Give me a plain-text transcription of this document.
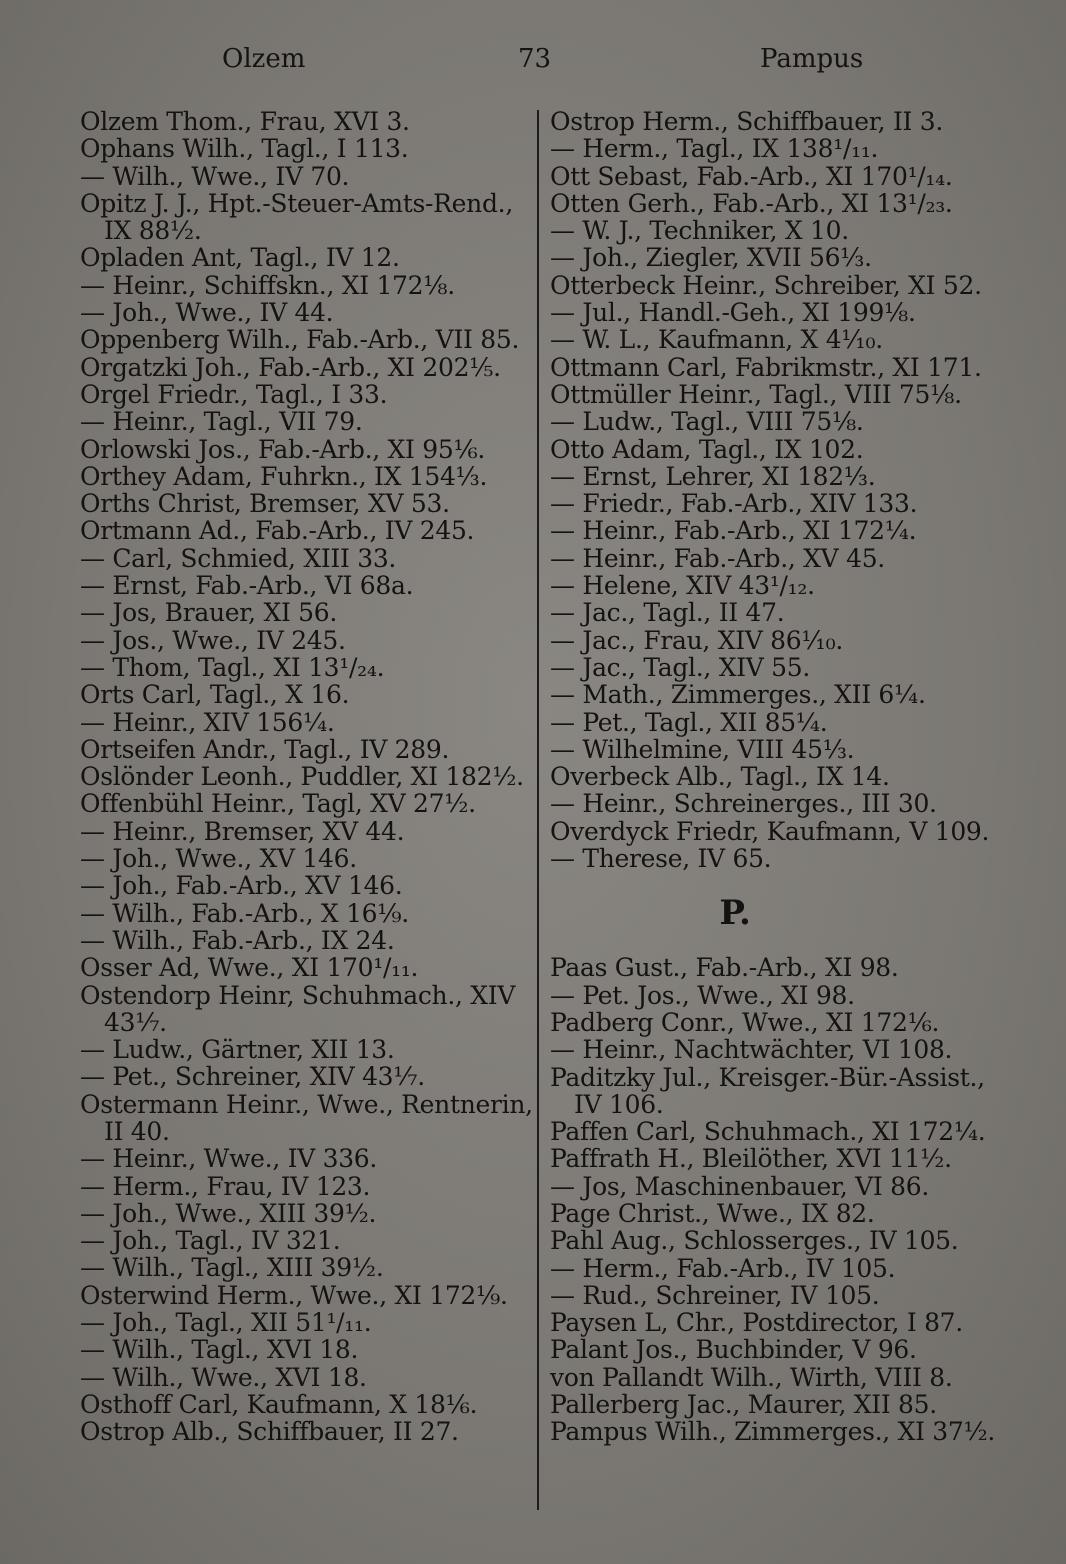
Olzem	73	Pampus
Olzem Thom., Frau, XVI 3.
Ophans Wilh., Tagl., I 113.
— Wilh., Wwe., IV 70.
Opitz J. J., Hpt.-Steuer-Amts-Rend.,
IX 88½.
Opladen Ant, Tagl., IV 12.
— Heinr., Schiffskn., XI 172⅛.
— Joh., Wwe., IV 44.
Oppenberg Wilh., Fab.-Arb., VII 85.
Orgatzki Joh., Fab.-Arb., XI 202⅕.
Orgel Friedr., Tagl., I 33.
— Heinr., Tagl., VII 79.
Orlowski Jos., Fab.-Arb., XI 95⅙.
Orthey Adam, Fuhrkn., IX 154⅓.
Orths Christ, Bremser, XV 53.
Ortmann Ad., Fab.-Arb., IV 245.
— Carl, Schmied, XIII 33.
— Ernst, Fab.-Arb., VI 68a.
— Jos, Brauer, XI 56.
— Jos., Wwe., IV 245.
— Thom, Tagl., XI 13¹/₂₄.
Orts Carl, Tagl., X 16.
— Heinr., XIV 156¼.
Ortseifen Andr., Tagl., IV 289.
Oslönder Leonh., Puddler, XI 182½.
Offenbühl Heinr., Tagl, XV 27½.
— Heinr., Bremser, XV 44.
— Joh., Wwe., XV 146.
— Joh., Fab.-Arb., XV 146.
— Wilh., Fab.-Arb., X 16⅑.
— Wilh., Fab.-Arb., IX 24.
Osser Ad, Wwe., XI 170¹/₁₁.
Ostendorp Heinr, Schuhmach., XIV
43⅐.
— Ludw., Gärtner, XII 13.
— Pet., Schreiner, XIV 43⅐.
Ostermann Heinr., Wwe., Rentnerin,
II 40.
— Heinr., Wwe., IV 336.
— Herm., Frau, IV 123.
— Joh., Wwe., XIII 39½.
— Joh., Tagl., IV 321.
— Wilh., Tagl., XIII 39½.
Osterwind Herm., Wwe., XI 172⅑.
— Joh., Tagl., XII 51¹/₁₁.
— Wilh., Tagl., XVI 18.
— Wilh., Wwe., XVI 18.
Osthoff Carl, Kaufmann, X 18⅙.
Ostrop Alb., Schiffbauer, II 27.
Ostrop Herm., Schiffbauer, II 3.
— Herm., Tagl., IX 138¹/₁₁.
Ott Sebast, Fab.-Arb., XI 170¹/₁₄.
Otten Gerh., Fab.-Arb., XI 13¹/₂₃.
— W. J., Techniker, X 10.
— Joh., Ziegler, XVII 56⅓.
Otterbeck Heinr., Schreiber, XI 52.
— Jul., Handl.-Geh., XI 199⅛.
— W. L., Kaufmann, X 4⅒.
Ottmann Carl, Fabrikmstr., XI 171.
Ottmüller Heinr., Tagl., VIII 75⅛.
— Ludw., Tagl., VIII 75⅛.
Otto Adam, Tagl., IX 102.
— Ernst, Lehrer, XI 182⅓.
— Friedr., Fab.-Arb., XIV 133.
— Heinr., Fab.-Arb., XI 172¼.
— Heinr., Fab.-Arb., XV 45.
— Helene, XIV 43¹/₁₂.
— Jac., Tagl., II 47.
— Jac., Frau, XIV 86⅒.
— Jac., Tagl., XIV 55.
— Math., Zimmerges., XII 6¼.
— Pet., Tagl., XII 85¼.
— Wilhelmine, VIII 45⅓.
Overbeck Alb., Tagl., IX 14.
— Heinr., Schreinerges., III 30.
Overdyck Friedr, Kaufmann, V 109.
— Therese, IV 65.
P.
Paas Gust., Fab.-Arb., XI 98.
— Pet. Jos., Wwe., XI 98.
Padberg Conr., Wwe., XI 172⅙.
— Heinr., Nachtwächter, VI 108.
Paditzky Jul., Kreisger.-Bür.-Assist.,
IV 106.
Paffen Carl, Schuhmach., XI 172¼.
Paffrath H., Bleilöther, XVI 11½.
— Jos, Maschinenbauer, VI 86.
Page Christ., Wwe., IX 82.
Pahl Aug., Schlosserges., IV 105.
— Herm., Fab.-Arb., IV 105.
— Rud., Schreiner, IV 105.
Paysen L, Chr., Postdirector, I 87.
Palant Jos., Buchbinder, V 96.
von Pallandt Wilh., Wirth, VIII 8.
Pallerberg Jac., Maurer, XII 85.
Pampus Wilh., Zimmerges., XI 37½.
